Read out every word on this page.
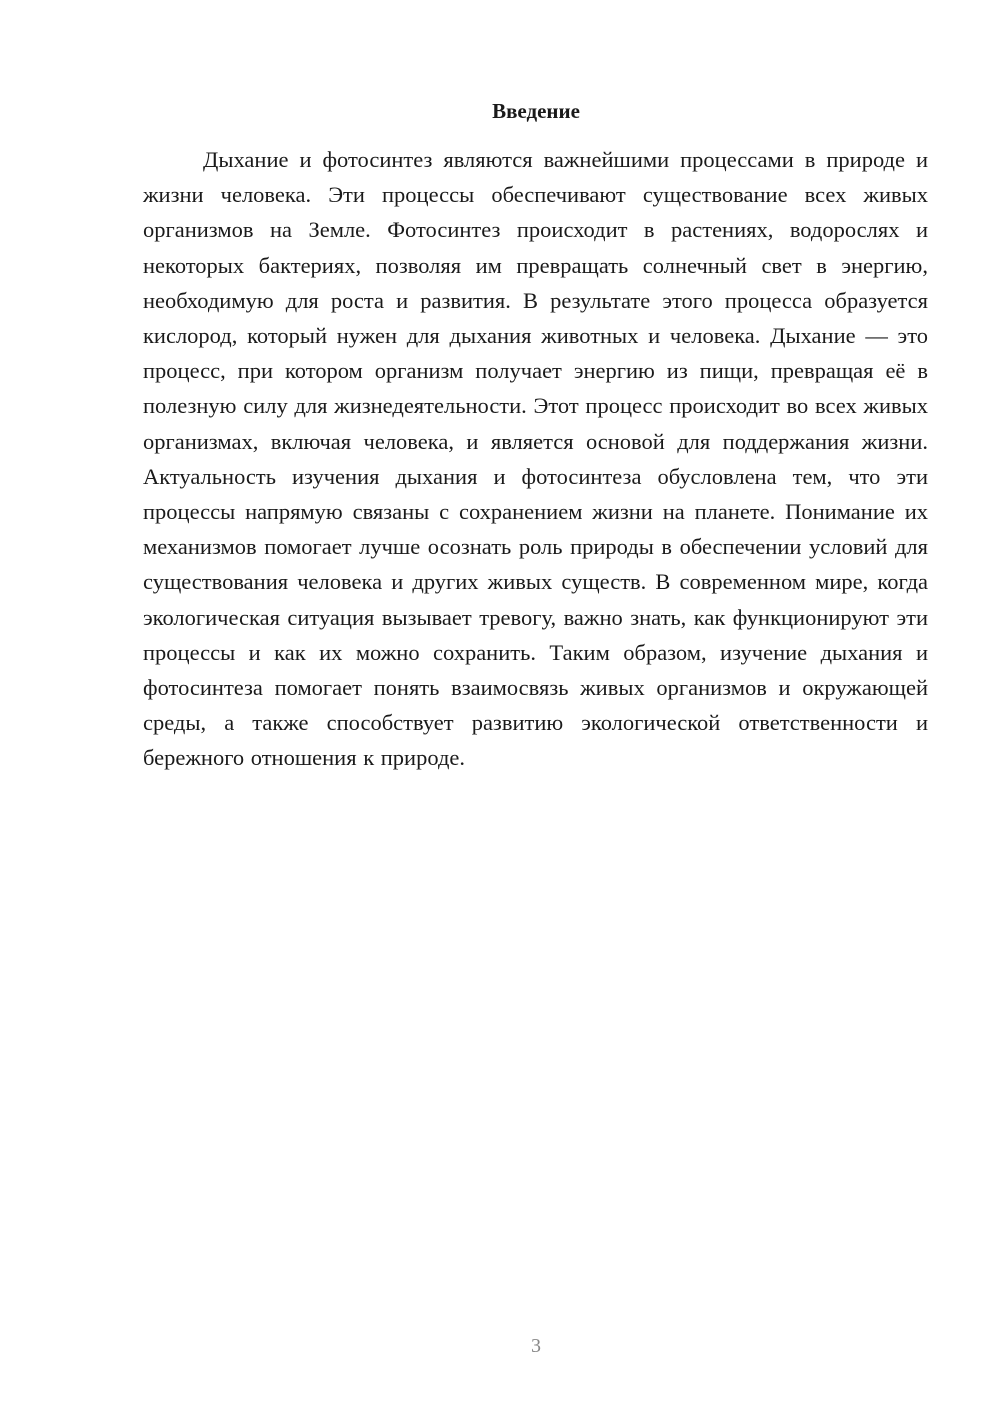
Введение

Дыхание и фотосинтез являются важнейшими процессами в природе и жизни человека. Эти процессы обеспечивают существование всех живых организмов на Земле. Фотосинтез происходит в растениях, водорослях и некоторых бактериях, позволяя им превращать солнечный свет в энергию, необходимую для роста и развития. В результате этого процесса образуется кислород, который нужен для дыхания животных и человека. Дыхание — это процесс, при котором организм получает энергию из пищи, превращая её в полезную силу для жизнедеятельности. Этот процесс происходит во всех живых организмах, включая человека, и является основой для поддержания жизни. Актуальность изучения дыхания и фотосинтеза обусловлена тем, что эти процессы напрямую связаны с сохранением жизни на планете. Понимание их механизмов помогает лучше осознать роль природы в обеспечении условий для существования человека и других живых существ. В современном мире, когда экологическая ситуация вызывает тревогу, важно знать, как функционируют эти процессы и как их можно сохранить. Таким образом, изучение дыхания и фотосинтеза помогает понять взаимосвязь живых организмов и окружающей среды, а также способствует развитию экологической ответственности и бережного отношения к природе.

3
